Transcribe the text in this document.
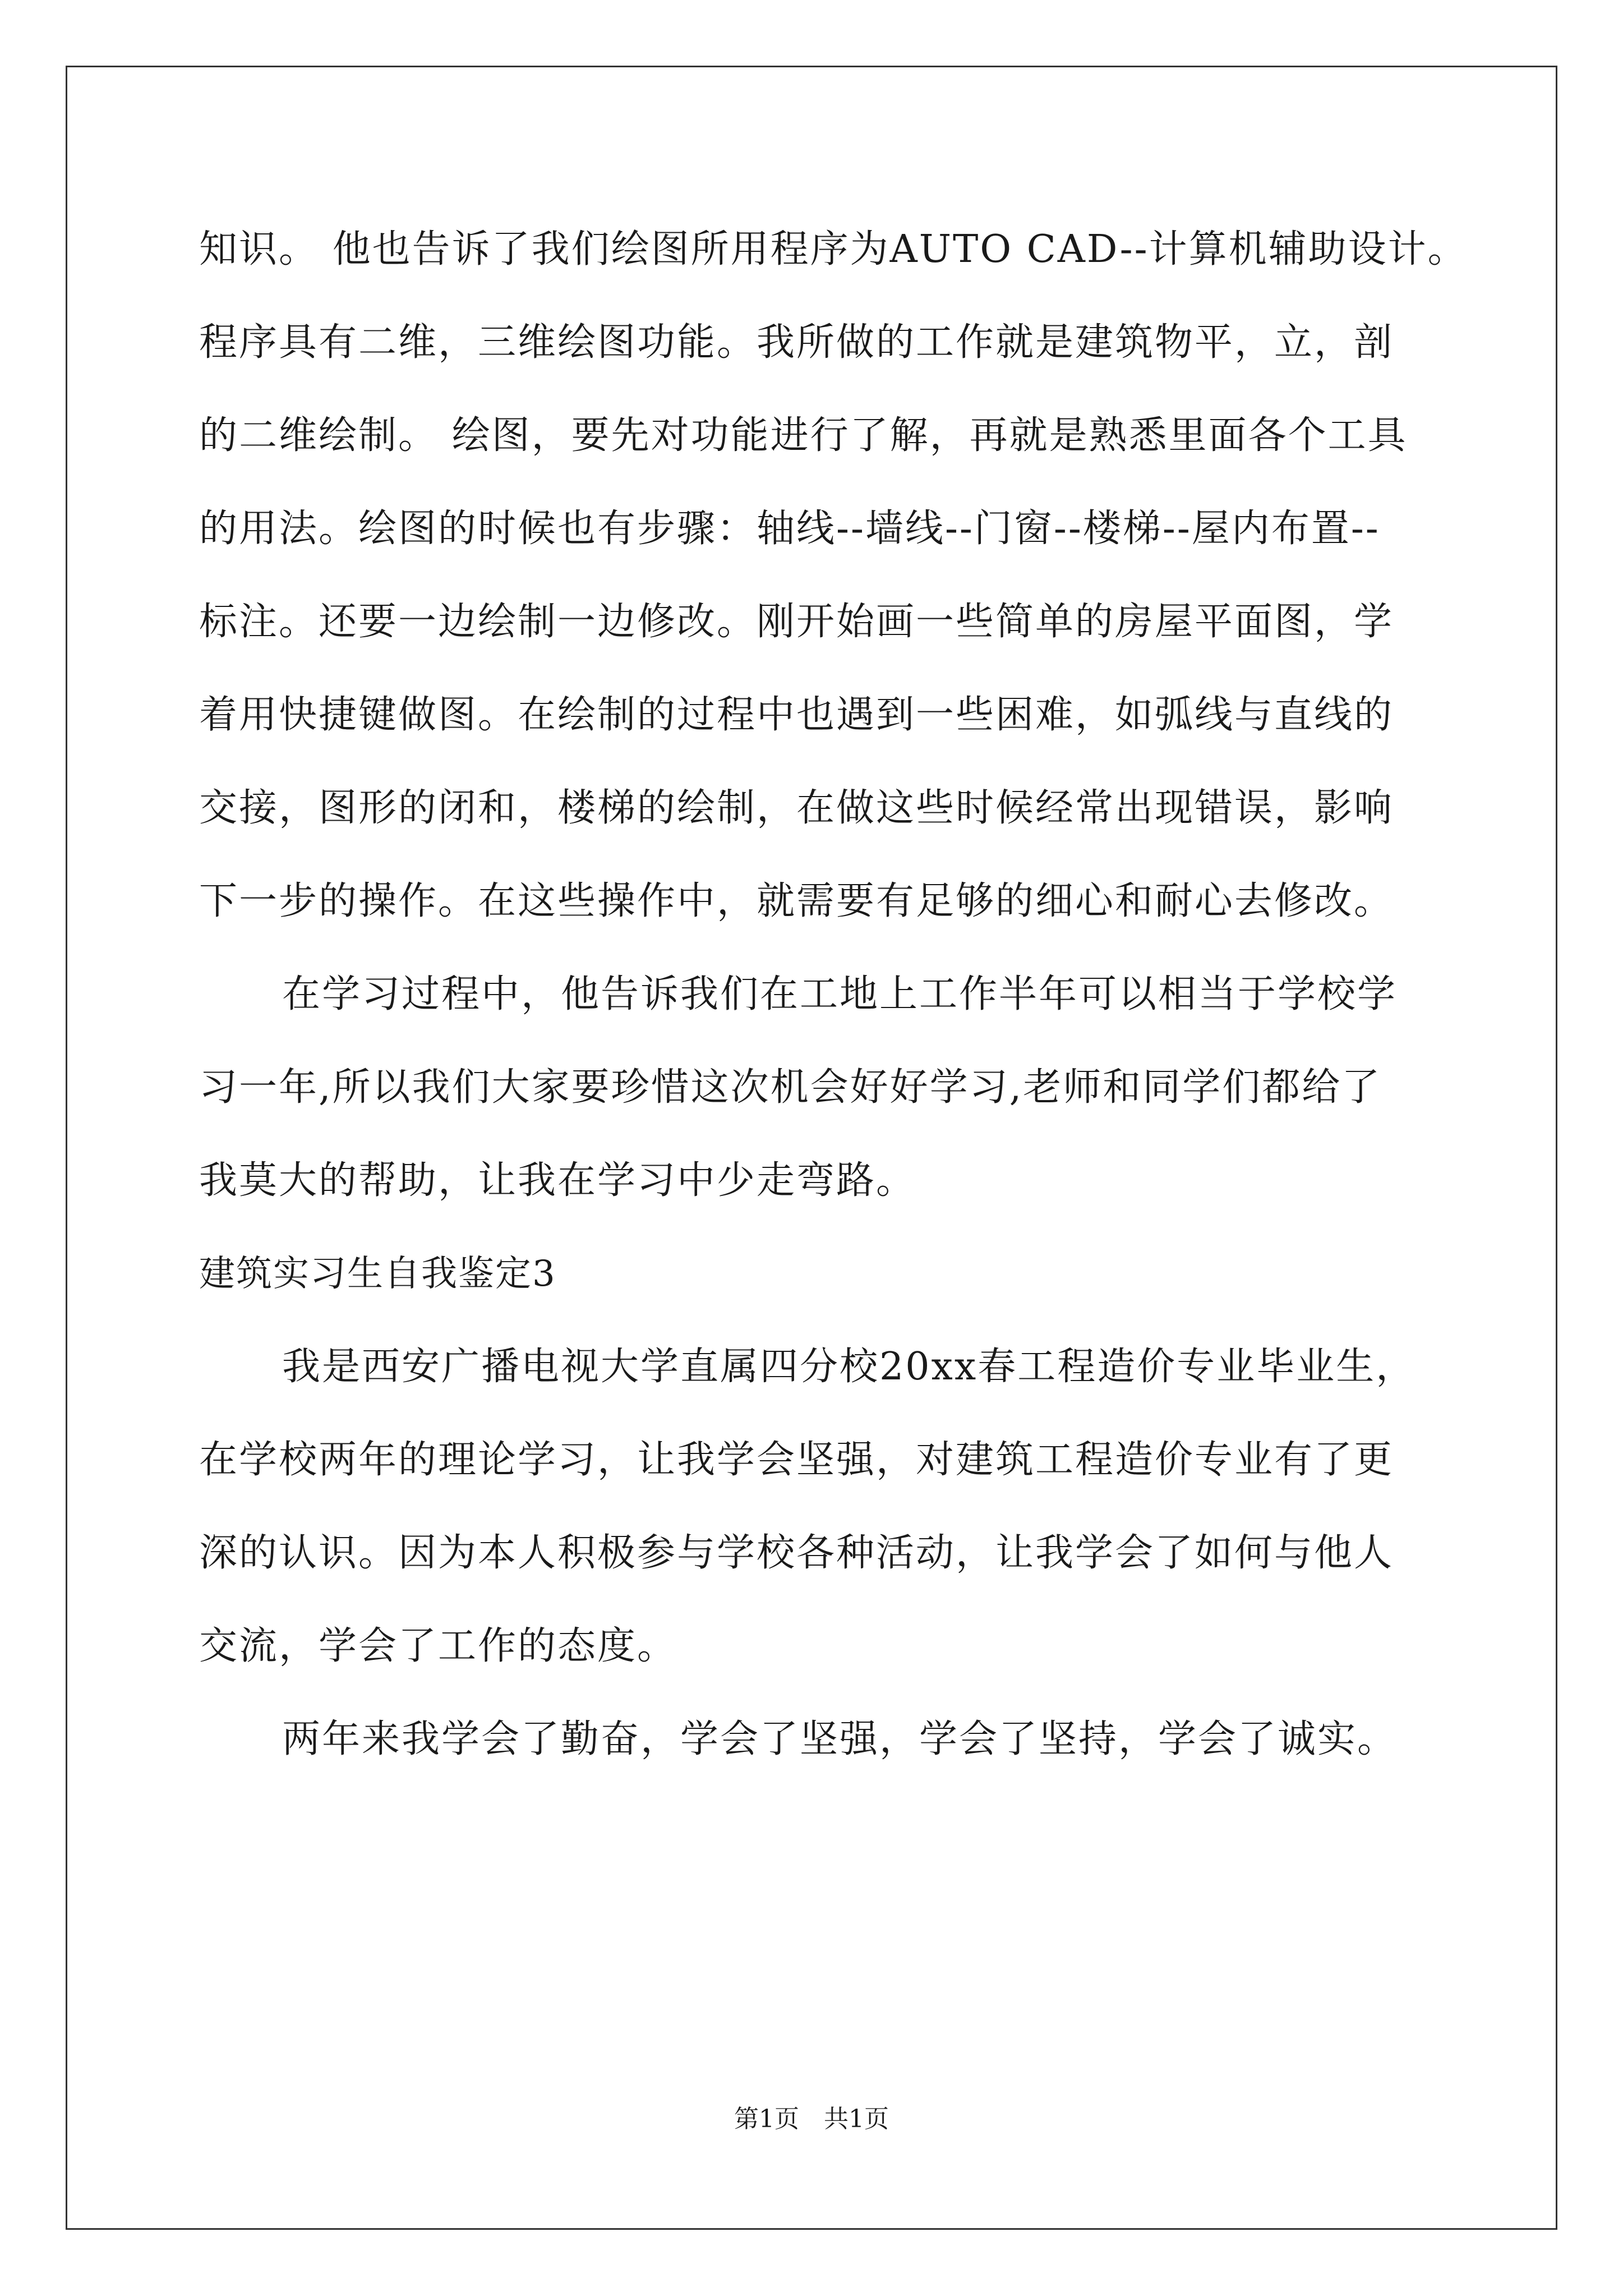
知识。 他也告诉了我们绘图所用程序为AUTO CAD--计算机辅助设计。
程序具有二维，三维绘图功能。我所做的工作就是建筑物平，立，剖
的二维绘制。 绘图，要先对功能进行了解，再就是熟悉里面各个工具
的用法。绘图的时候也有步骤：轴线--墙线--门窗--楼梯--屋内布置--
标注。还要一边绘制一边修改。刚开始画一些简单的房屋平面图，学
着用快捷键做图。在绘制的过程中也遇到一些困难，如弧线与直线的
交接，图形的闭和，楼梯的绘制，在做这些时候经常出现错误，影响
下一步的操作。在这些操作中，就需要有足够的细心和耐心去修改。
在学习过程中，他告诉我们在工地上工作半年可以相当于学校学
习一年,所以我们大家要珍惜这次机会好好学习,老师和同学们都给了
我莫大的帮助，让我在学习中少走弯路。
建筑实习生自我鉴定3
我是西安广播电视大学直属四分校20xx春工程造价专业毕业生，
在学校两年的理论学习，让我学会坚强，对建筑工程造价专业有了更
深的认识。因为本人积极参与学校各种活动，让我学会了如何与他人
交流，学会了工作的态度。
两年来我学会了勤奋，学会了坚强，学会了坚持，学会了诚实。
第1页　共1页
